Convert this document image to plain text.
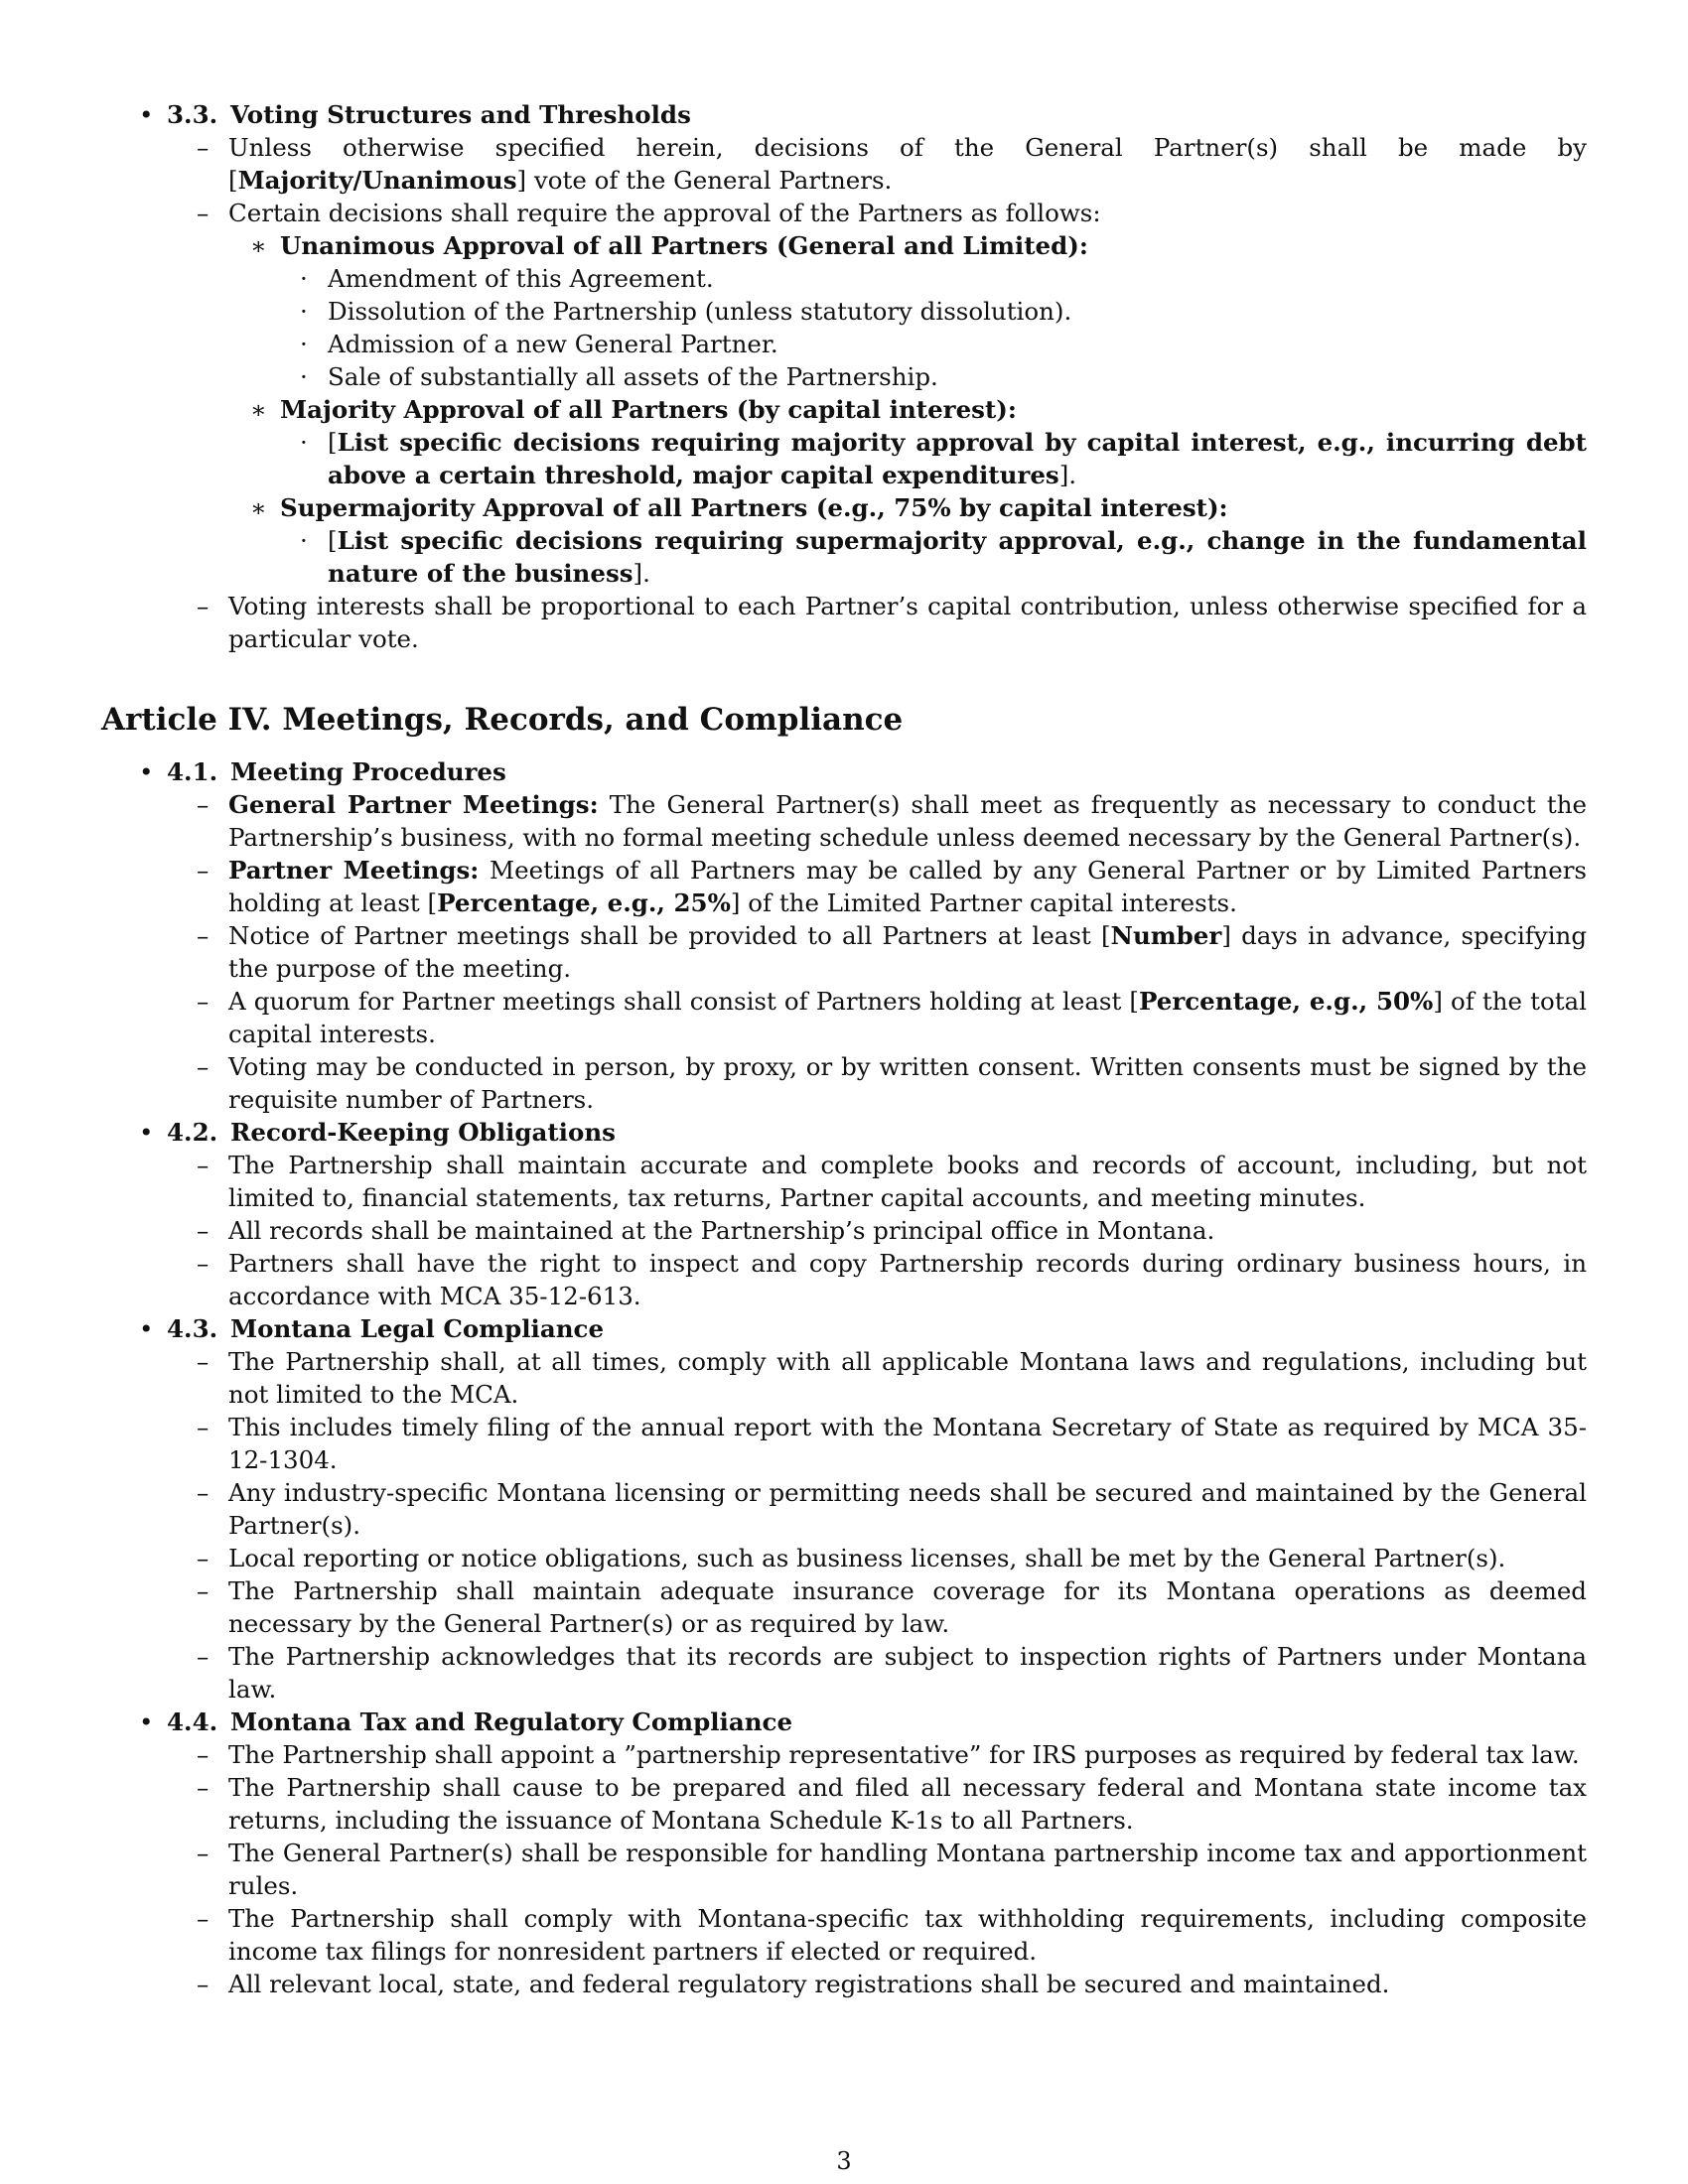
• 3.3. Voting Structures and Thresholds
– Unless otherwise specified herein, decisions of the General Partner(s) shall be made by [Majority/Unanimous] vote of the General Partners.
– Certain decisions shall require the approval of the Partners as follows:
∗ Unanimous Approval of all Partners (General and Limited):
· Amendment of this Agreement.
· Dissolution of the Partnership (unless statutory dissolution).
· Admission of a new General Partner.
· Sale of substantially all assets of the Partnership.
∗ Majority Approval of all Partners (by capital interest):
· [List specific decisions requiring majority approval by capital interest, e.g., incurring debt above a certain threshold, major capital expenditures].
∗ Supermajority Approval of all Partners (e.g., 75% by capital interest):
· [List specific decisions requiring supermajority approval, e.g., change in the fundamental nature of the business].
– Voting interests shall be proportional to each Partner’s capital contribution, unless otherwise specified for a particular vote.
Article IV. Meetings, Records, and Compliance
• 4.1. Meeting Procedures
– General Partner Meetings: The General Partner(s) shall meet as frequently as necessary to conduct the Partnership’s business, with no formal meeting schedule unless deemed necessary by the General Partner(s).
– Partner Meetings: Meetings of all Partners may be called by any General Partner or by Limited Partners holding at least [Percentage, e.g., 25%] of the Limited Partner capital interests.
– Notice of Partner meetings shall be provided to all Partners at least [Number] days in advance, specifying the purpose of the meeting.
– A quorum for Partner meetings shall consist of Partners holding at least [Percentage, e.g., 50%] of the total capital interests.
– Voting may be conducted in person, by proxy, or by written consent. Written consents must be signed by the requisite number of Partners.
• 4.2. Record-Keeping Obligations
– The Partnership shall maintain accurate and complete books and records of account, including, but not limited to, financial statements, tax returns, Partner capital accounts, and meeting minutes.
– All records shall be maintained at the Partnership’s principal office in Montana.
– Partners shall have the right to inspect and copy Partnership records during ordinary business hours, in accordance with MCA 35-12-613.
• 4.3. Montana Legal Compliance
– The Partnership shall, at all times, comply with all applicable Montana laws and regulations, including but not limited to the MCA.
– This includes timely filing of the annual report with the Montana Secretary of State as required by MCA 35-12-1304.
– Any industry-specific Montana licensing or permitting needs shall be secured and maintained by the General Partner(s).
– Local reporting or notice obligations, such as business licenses, shall be met by the General Partner(s).
– The Partnership shall maintain adequate insurance coverage for its Montana operations as deemed necessary by the General Partner(s) or as required by law.
– The Partnership acknowledges that its records are subject to inspection rights of Partners under Montana law.
• 4.4. Montana Tax and Regulatory Compliance
– The Partnership shall appoint a ”partnership representative” for IRS purposes as required by federal tax law.
– The Partnership shall cause to be prepared and filed all necessary federal and Montana state income tax returns, including the issuance of Montana Schedule K-1s to all Partners.
– The General Partner(s) shall be responsible for handling Montana partnership income tax and apportionment rules.
– The Partnership shall comply with Montana-specific tax withholding requirements, including composite income tax filings for nonresident partners if elected or required.
– All relevant local, state, and federal regulatory registrations shall be secured and maintained.
3
